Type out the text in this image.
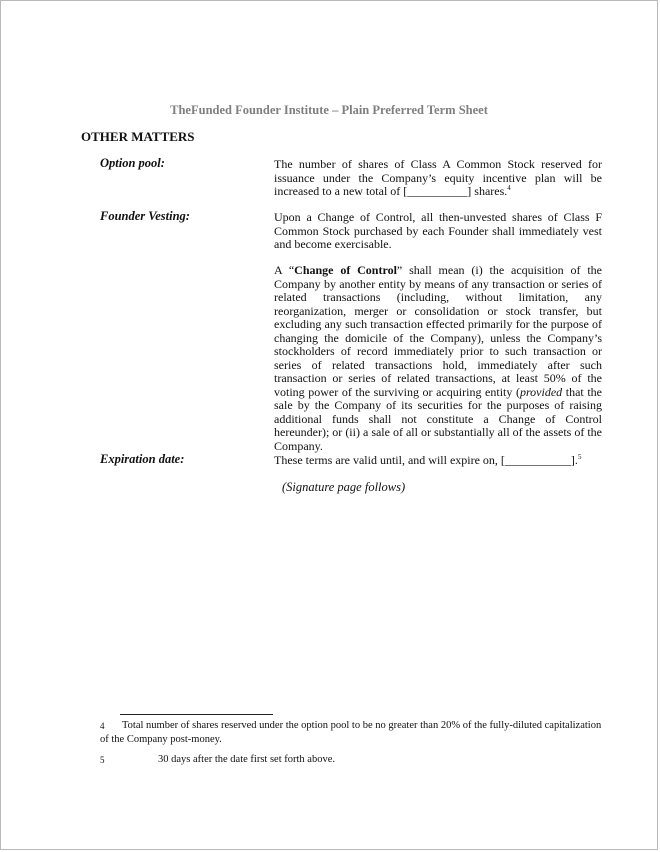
TheFunded Founder Institute – Plain Preferred Term Sheet
OTHER MATTERS
Option pool:	The number of shares of Class A Common Stock reserved for issuance under the Company’s equity incentive plan will be increased to a new total of [__________] shares.$^4$
Founder Vesting:	Upon a Change of Control, all then-unvested shares of Class F Common Stock purchased by each Founder shall immediately vest and become exercisable.
A “Change of Control” shall mean (i) the acquisition of the Company by another entity by means of any transaction or series of related transactions (including, without limitation, any reorganization, merger or consolidation or stock transfer, but excluding any such transaction effected primarily for the purpose of changing the domicile of the Company), unless the Company’s stockholders of record immediately prior to such transaction or series of related transactions hold, immediately after such transaction or series of related transactions, at least 50% of the voting power of the surviving or acquiring entity (provided that the sale by the Company of its securities for the purposes of raising additional funds shall not constitute a Change of Control hereunder); or (ii) a sale of all or substantially all of the assets of the Company.
Expiration date:	These terms are valid until, and will expire on, [___________].$^5$
(Signature page follows)
4	Total number of shares reserved under the option pool to be no greater than 20% of the fully-diluted capitalization of the Company post-money.
5	30 days after the date first set forth above.
